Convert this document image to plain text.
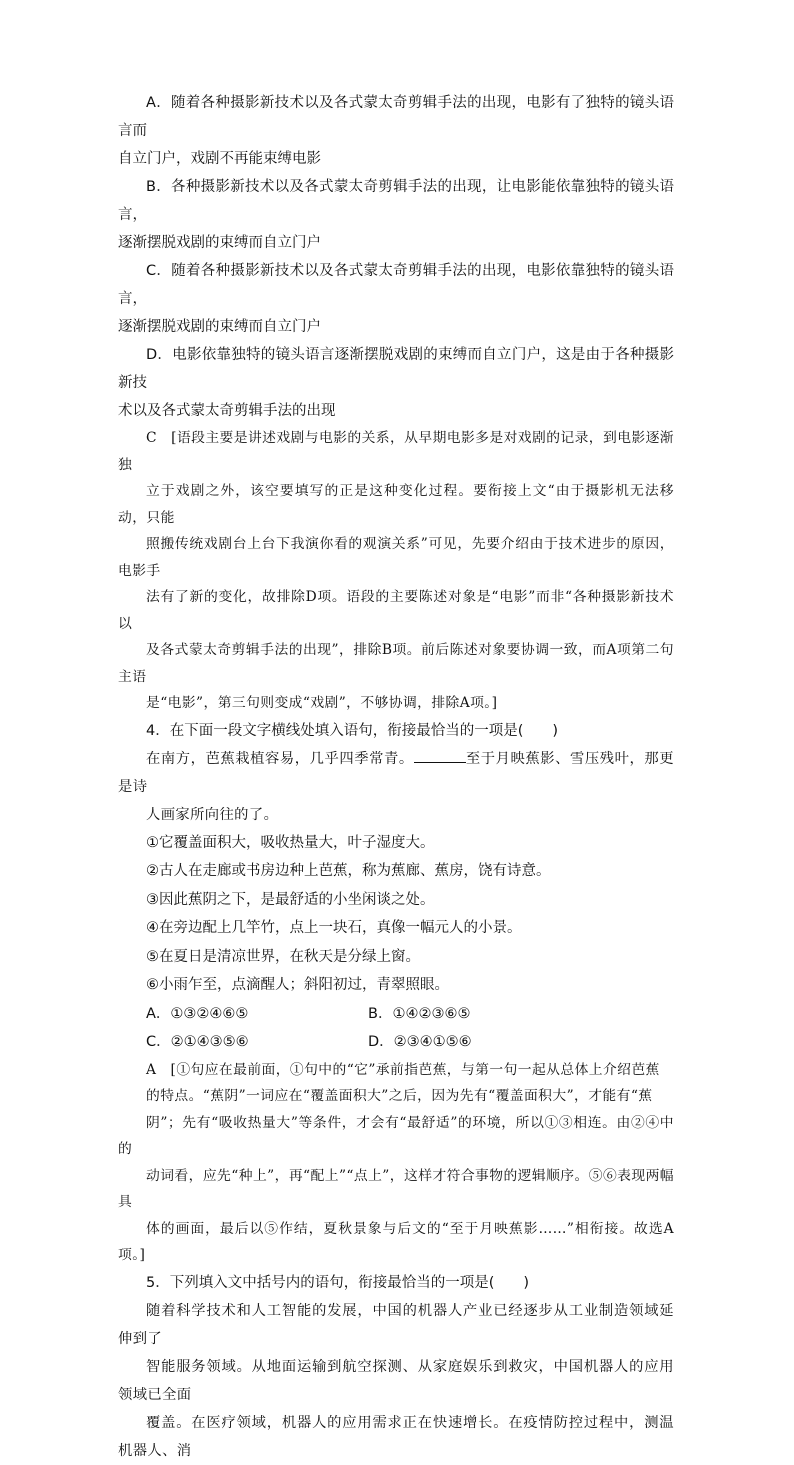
A．随着各种摄影新技术以及各式蒙太奇剪辑手法的出现，电影有了独特的镜头语言而

自立门户，戏剧不再能束缚电影

B．各种摄影新技术以及各式蒙太奇剪辑手法的出现，让电影能依靠独特的镜头语言，

逐渐摆脱戏剧的束缚而自立门户

C．随着各种摄影新技术以及各式蒙太奇剪辑手法的出现，电影依靠独特的镜头语言，

逐渐摆脱戏剧的束缚而自立门户

D．电影依靠独特的镜头语言逐渐摆脱戏剧的束缚而自立门户，这是由于各种摄影新技

术以及各式蒙太奇剪辑手法的出现

C　[语段主要是讲述戏剧与电影的关系，从早期电影多是对戏剧的记录，到电影逐渐独

立于戏剧之外，该空要填写的正是这种变化过程。要衔接上文“由于摄影机无法移动，只能

照搬传统戏剧台上台下我演你看的观演关系”可见，先要介绍由于技术进步的原因，电影手

法有了新的变化，故排除D项。语段的主要陈述对象是“电影”而非“各种摄影新技术以

及各式蒙太奇剪辑手法的出现”，排除B项。前后陈述对象要协调一致，而A项第二句主语

是“电影”，第三句则变成“戏剧”，不够协调，排除A项。]

4．在下面一段文字横线处填入语句，衔接最恰当的一项是(　　)

在南方，芭蕉栽植容易，几乎四季常青。	至于月映蕉影、雪压残叶，那更是诗

人画家所向往的了。

①它覆盖面积大，吸收热量大，叶子湿度大。

②古人在走廊或书房边种上芭蕉，称为蕉廊、蕉房，饶有诗意。

③因此蕉阴之下，是最舒适的小坐闲谈之处。

④在旁边配上几竿竹，点上一块石，真像一幅元人的小景。

⑤在夏日是清凉世界，在秋天是分绿上窗。

⑥小雨乍至，点滴醒人；斜阳初过，青翠照眼。

A．①③②④⑥⑤	B．①④②③⑥⑤
C．②①④③⑤⑥	D．②③④①⑤⑥

A　[①句应在最前面，①句中的“它”承前指芭蕉，与第一句一起从总体上介绍芭蕉

的特点。“蕉阴”一词应在“覆盖面积大”之后，因为先有“覆盖面积大”，才能有“蕉

阴”；先有“吸收热量大”等条件，才会有“最舒适”的环境，所以①③相连。由②④中的

动词看，应先“种上”，再“配上”“点上”，这样才符合事物的逻辑顺序。⑤⑥表现两幅具

体的画面，最后以⑤作结，夏秋景象与后文的“至于月映蕉影……”相衔接。故选A项。]

5．下列填入文中括号内的语句，衔接最恰当的一项是(　　)

随着科学技术和人工智能的发展，中国的机器人产业已经逐步从工业制造领域延伸到了

智能服务领域。从地面运输到航空探测、从家庭娱乐到救灾，中国机器人的应用领域已全面

覆盖。在医疗领域，机器人的应用需求正在快速增长。在疫情防控过程中，测温机器人、消
